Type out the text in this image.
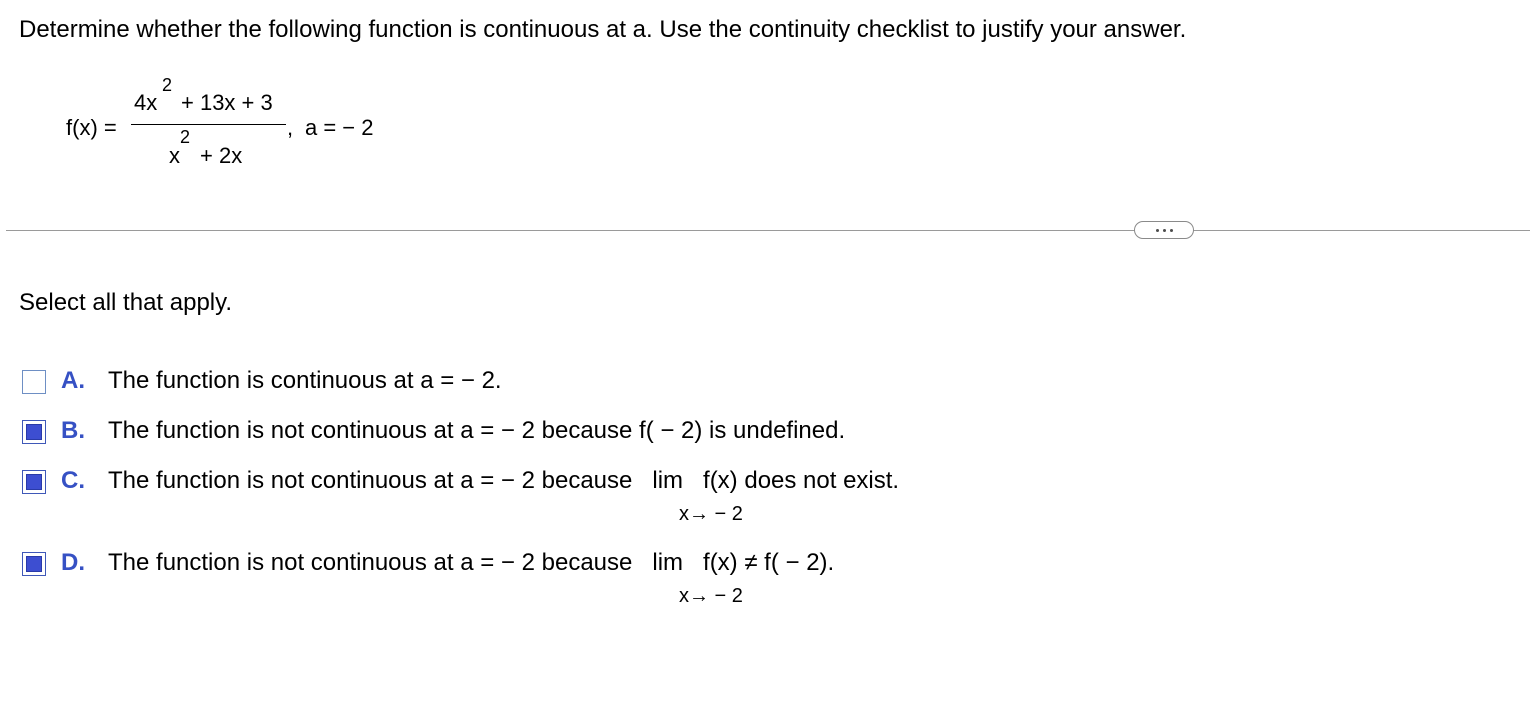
Determine whether the following function is continuous at a. Use the continuity checklist to justify your answer.
f(x) =
4x
2
+ 13x + 3
x
2
+ 2x
, a = − 2
Select all that apply.
A. The function is continuous at a = − 2.
B. The function is not continuous at a = − 2 because f( − 2) is undefined.
C. The function is not continuous at a = − 2 because   lim   f(x) does not exist.
x→ − 2
D. The function is not continuous at a = − 2 because   lim   f(x) ≠ f( − 2).
x→ − 2
